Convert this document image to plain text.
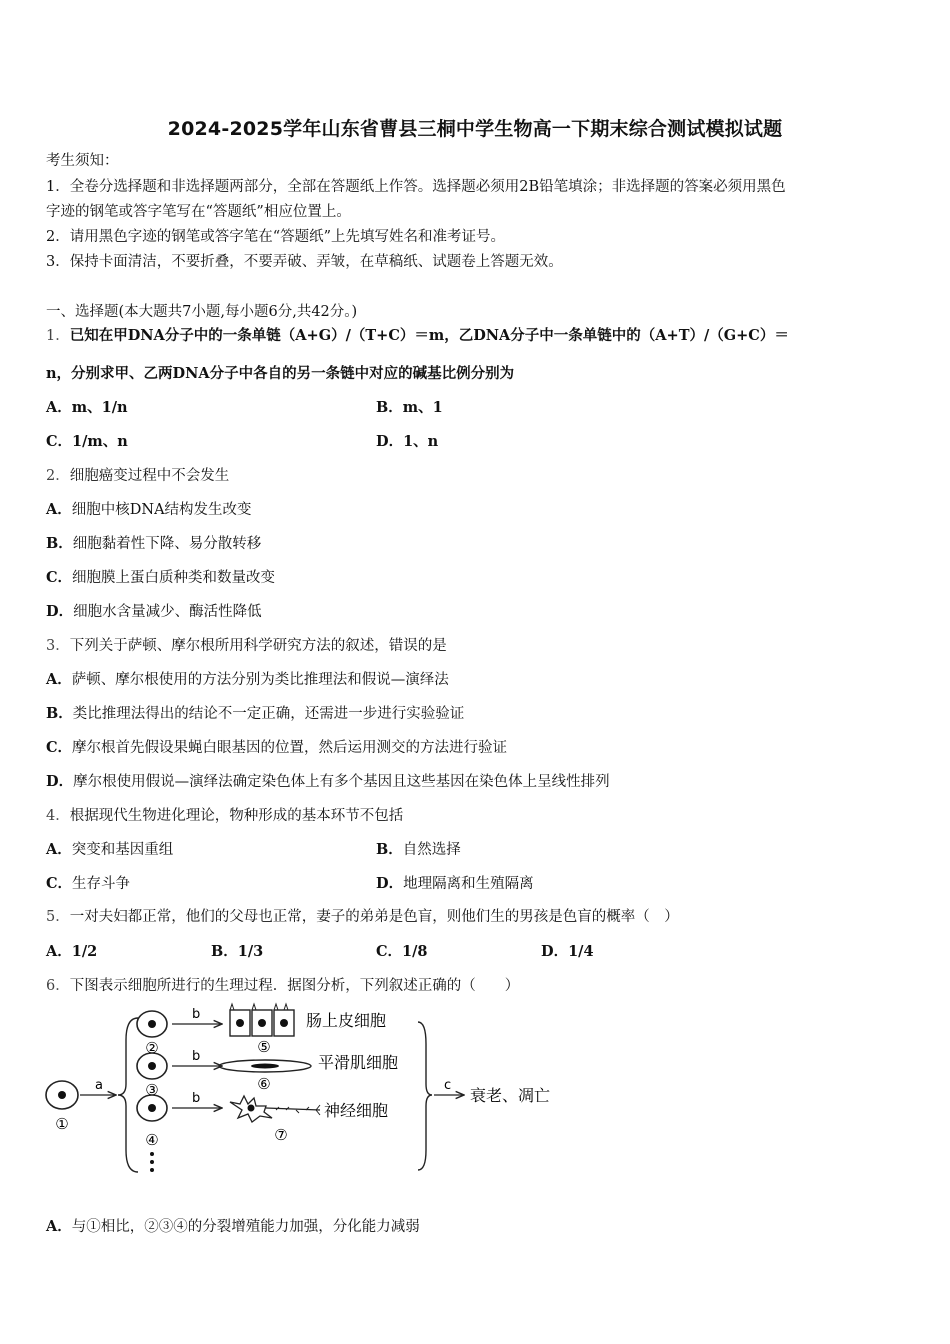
2024-2025学年山东省曹县三桐中学生物高一下期末综合测试模拟试题
考生须知：
1．全卷分选择题和非选择题两部分，全部在答题纸上作答。选择题必须用2B铅笔填涂；非选择题的答案必须用黑色
字迹的钢笔或答字笔写在“答题纸”相应位置上。
2．请用黑色字迹的钢笔或答字笔在“答题纸”上先填写姓名和准考证号。
3．保持卡面清洁，不要折叠，不要弄破、弄皱，在草稿纸、试题卷上答题无效。
一、选择题(本大题共7小题,每小题6分,共42分。)
1．已知在甲DNA分子中的一条单链（A+G）/（T+C）＝m，乙DNA分子中一条单链中的（A+T）/（G+C）＝
n，分别求甲、乙两DNA分子中各自的另一条链中对应的碱基比例分别为
A．m、1/n	B．m、1
C．1/m、n	D．1、n
2．细胞癌变过程中不会发生
A．细胞中核DNA结构发生改变
B．细胞黏着性下降、易分散转移
C．细胞膜上蛋白质种类和数量改变
D．细胞水含量减少、酶活性降低
3．下列关于萨顿、摩尔根所用科学研究方法的叙述，错误的是
A．萨顿、摩尔根使用的方法分别为类比推理法和假说—演绎法
B．类比推理法得出的结论不一定正确，还需进一步进行实验验证
C．摩尔根首先假设果蝇白眼基因的位置，然后运用测交的方法进行验证
D．摩尔根使用假说—演绎法确定染色体上有多个基因且这些基因在染色体上呈线性排列
4．根据现代生物进化理论，物种形成的基本环节不包括
A．突变和基因重组	B．自然选择
C．生存斗争	D．地理隔离和生殖隔离
5．一对夫妇都正常，他们的父母也正常，妻子的弟弟是色盲，则他们生的男孩是色盲的概率（　）
A．1/2	B．1/3	C．1/8	D．1/4
6．下图表示细胞所进行的生理过程．据图分析，下列叙述正确的（　　）
①
a
②
b
⑤
肠上皮细胞
③
b
⑥
平滑肌细胞
④
b
⑦
神经细胞
c
衰老、凋亡
A．与①相比，②③④的分裂增殖能力加强，分化能力减弱
